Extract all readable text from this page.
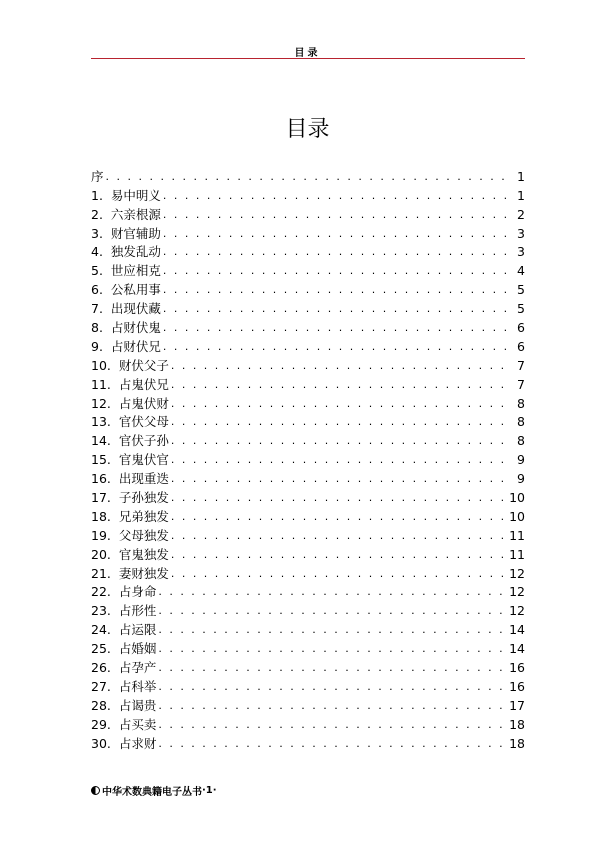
目录
目录
序 . . .	1
1.  易中明义 . . .	1
2.  六亲根源 . . .	2
3.  财官辅助 . . .	3
4.  独发乱动 . . .	3
5.  世应相克 . . .	4
6.  公私用事 . . .	5
7.  出现伏藏 . . .	5
8.  占财伏鬼 . . .	6
9.  占财伏兄 . . .	6
10.  财伏父子 . . .	7
11.  占鬼伏兄 . . .	7
12.  占鬼伏财 . . .	8
13.  官伏父母 . . .	8
14.  官伏子孙 . . .	8
15.  官鬼伏官 . . .	9
16.  出现重迭 . . .	9
17.  子孙独发 . . .	10
18.  兄弟独发 . . .	10
19.  父母独发 . . .	11
20.  官鬼独发 . . .	11
21.  妻财独发 . . .	12
22.  占身命 . . .	12
23.  占形性 . . .	12
24.  占运限 . . .	14
25.  占婚姻 . . .	14
26.  占孕产 . . .	16
27.  占科举 . . .	16
28.  占谒贵 . . .	17
29.  占买卖 . . .	18
30.  占求财 . . .	18
中华术数典籍电子丛书 ·1·
